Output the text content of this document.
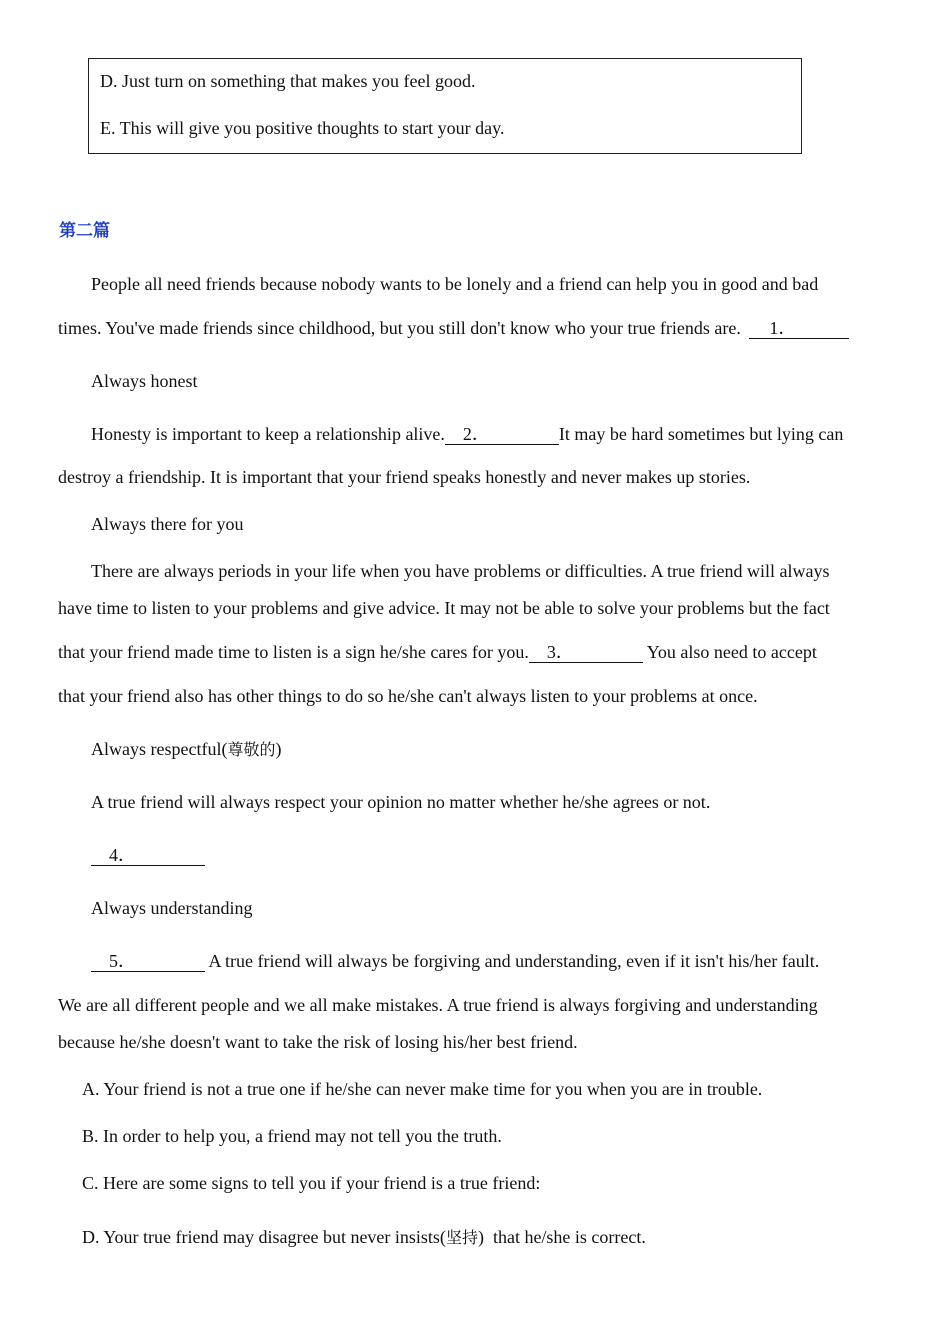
D. Just turn on something that makes you feel good.
E. This will give you positive thoughts to start your day.
第二篇
People all need friends because nobody wants to be lonely and a friend can help you in good and bad
times. You've made friends since childhood, but you still don't know who your true friends are. 1．
Always honest
Honesty is important to keep a relationship alive. 2．	It may be hard sometimes but lying can
destroy a friendship. It is important that your friend speaks honestly and never makes up stories.
Always there for you
There are always periods in your life when you have problems or difficulties. A true friend will always
have time to listen to your problems and give advice. It may not be able to solve your problems but the fact
that your friend made time to listen is a sign he/she cares for you. 3．	You also need to accept
that your friend also has other things to do so he/she can't always listen to your problems at once.
Always respectful(尊敬的)
A true friend will always respect your opinion no matter whether he/she agrees or not.
4．
Always understanding
5．	A true friend will always be forgiving and understanding, even if it isn't his/her fault.
We are all different people and we all make mistakes. A true friend is always forgiving and understanding
because he/she doesn't want to take the risk of losing his/her best friend.
A. Your friend is not a true one if he/she can never make time for you when you are in trouble.
B. In order to help you, a friend may not tell you the truth.
C. Here are some signs to tell you if your friend is a true friend:
D. Your true friend may disagree but never insists(坚持)  that he/she is correct.
